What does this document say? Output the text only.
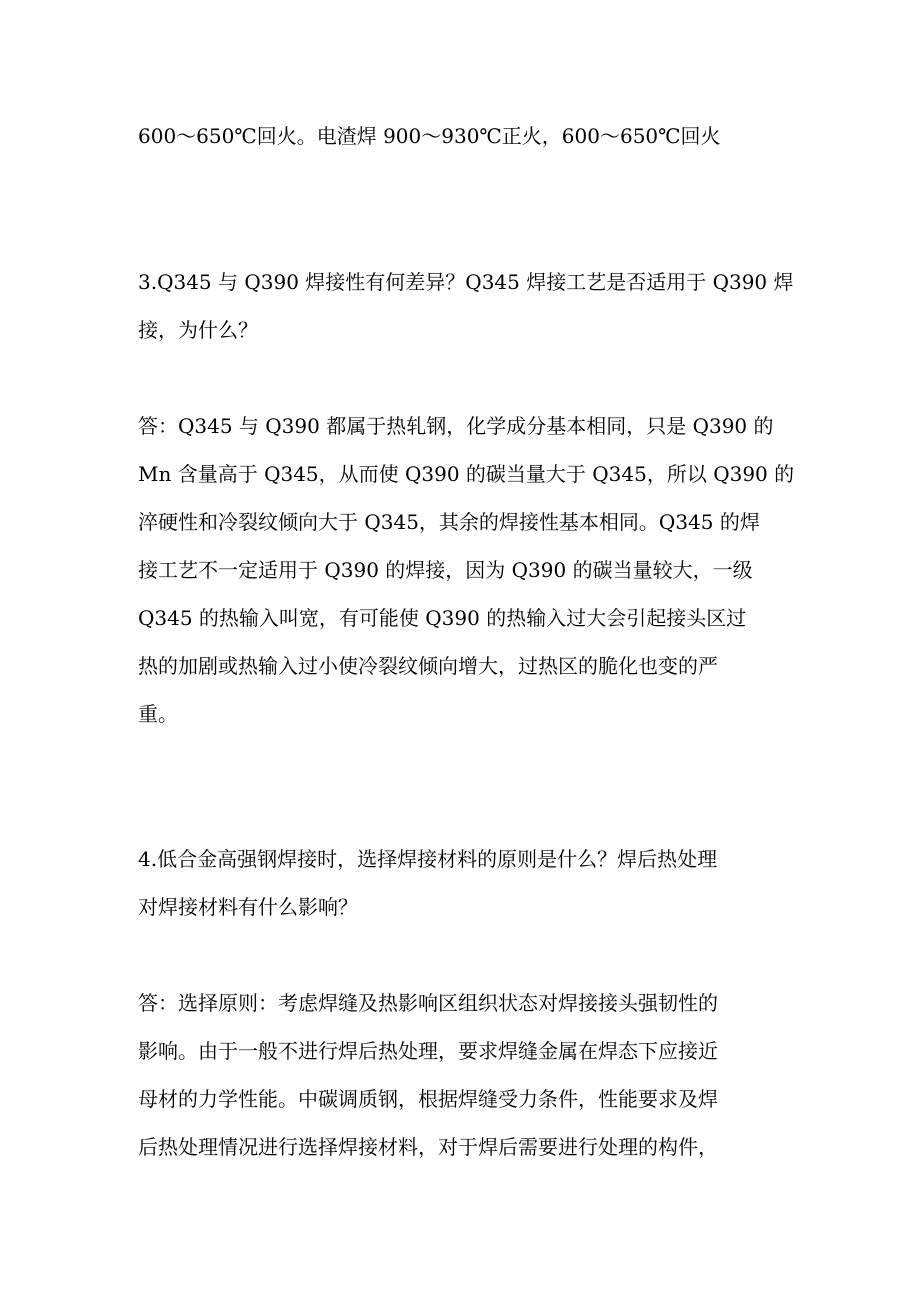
600～650℃回火。电渣焊 900～930℃正火，600～650℃回火
3.Q345 与 Q390 焊接性有何差异？Q345 焊接工艺是否适用于 Q390 焊
接，为什么？
答：Q345 与 Q390 都属于热轧钢，化学成分基本相同，只是 Q390 的
Mn 含量高于 Q345，从而使 Q390 的碳当量大于 Q345，所以 Q390 的
淬硬性和冷裂纹倾向大于 Q345，其余的焊接性基本相同。Q345 的焊
接工艺不一定适用于 Q390 的焊接，因为 Q390 的碳当量较大，一级
Q345 的热输入叫宽，有可能使 Q390 的热输入过大会引起接头区过
热的加剧或热输入过小使冷裂纹倾向增大，过热区的脆化也变的严
重。
4.低合金高强钢焊接时，选择焊接材料的原则是什么？焊后热处理
对焊接材料有什么影响？
答：选择原则：考虑焊缝及热影响区组织状态对焊接接头强韧性的
影响。由于一般不进行焊后热处理，要求焊缝金属在焊态下应接近
母材的力学性能。中碳调质钢，根据焊缝受力条件，性能要求及焊
后热处理情况进行选择焊接材料，对于焊后需要进行处理的构件，
